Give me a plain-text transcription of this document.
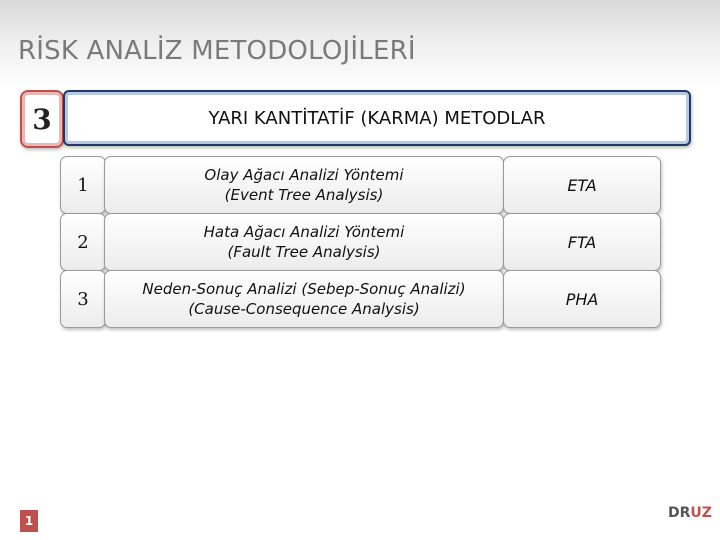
RİSK ANALİZ METODOLOJİLERİ
3	YARI KANTİTATİF (KARMA) METODLAR
1	Olay Ağacı Analizi Yöntemi
(Event Tree Analysis)
ETA
2	Hata Ağacı Analizi Yöntemi
(Fault Tree Analysis)
FTA
3	Neden-Sonuç Analizi (Sebep-Sonuç Analizi)
(Cause-Consequence Analysis)
PHA
1	DRUZ
